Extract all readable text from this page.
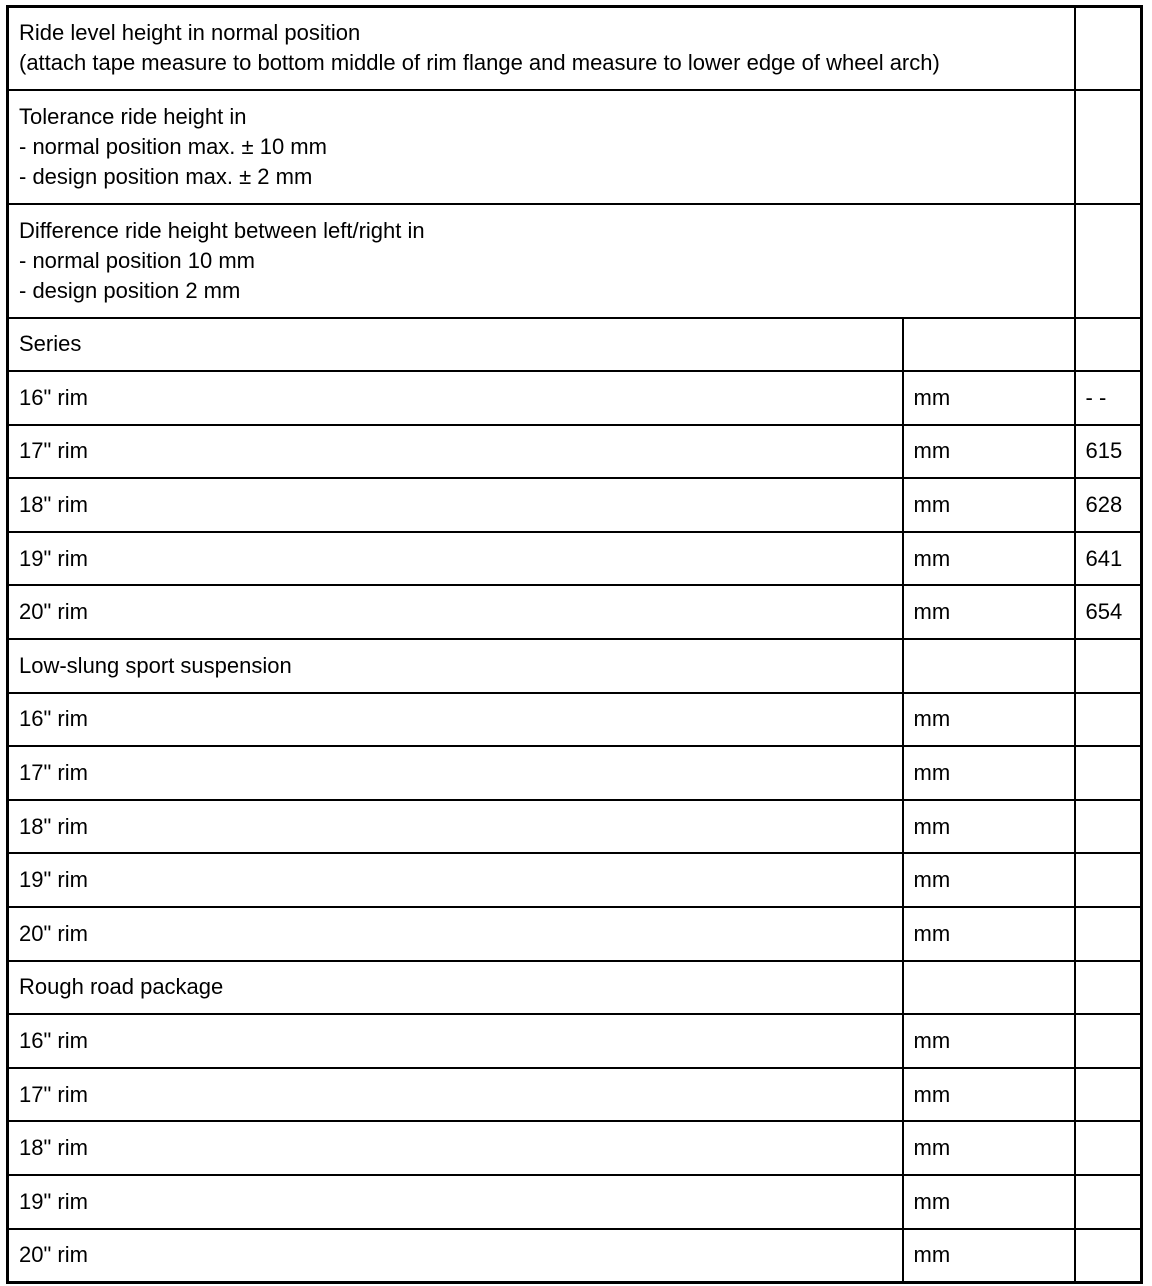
Ride level height in normal position
(attach tape measure to bottom middle of rim flange and measure to lower edge of wheel arch)		

Tolerance ride height in
- normal position max. ± 10 mm
- design position max. ± 2 mm		

Difference ride height between left/right in
- normal position 10 mm
- design position 2 mm		

Series		
16" rim	mm	- -
17" rim	mm	615
18" rim	mm	628
19" rim	mm	641
20" rim	mm	654
Low-slung sport suspension		
16" rim	mm	
17" rim	mm	
18" rim	mm	
19" rim	mm	
20" rim	mm	
Rough road package		
16" rim	mm	
17" rim	mm	
18" rim	mm	
19" rim	mm	
20" rim	mm	
